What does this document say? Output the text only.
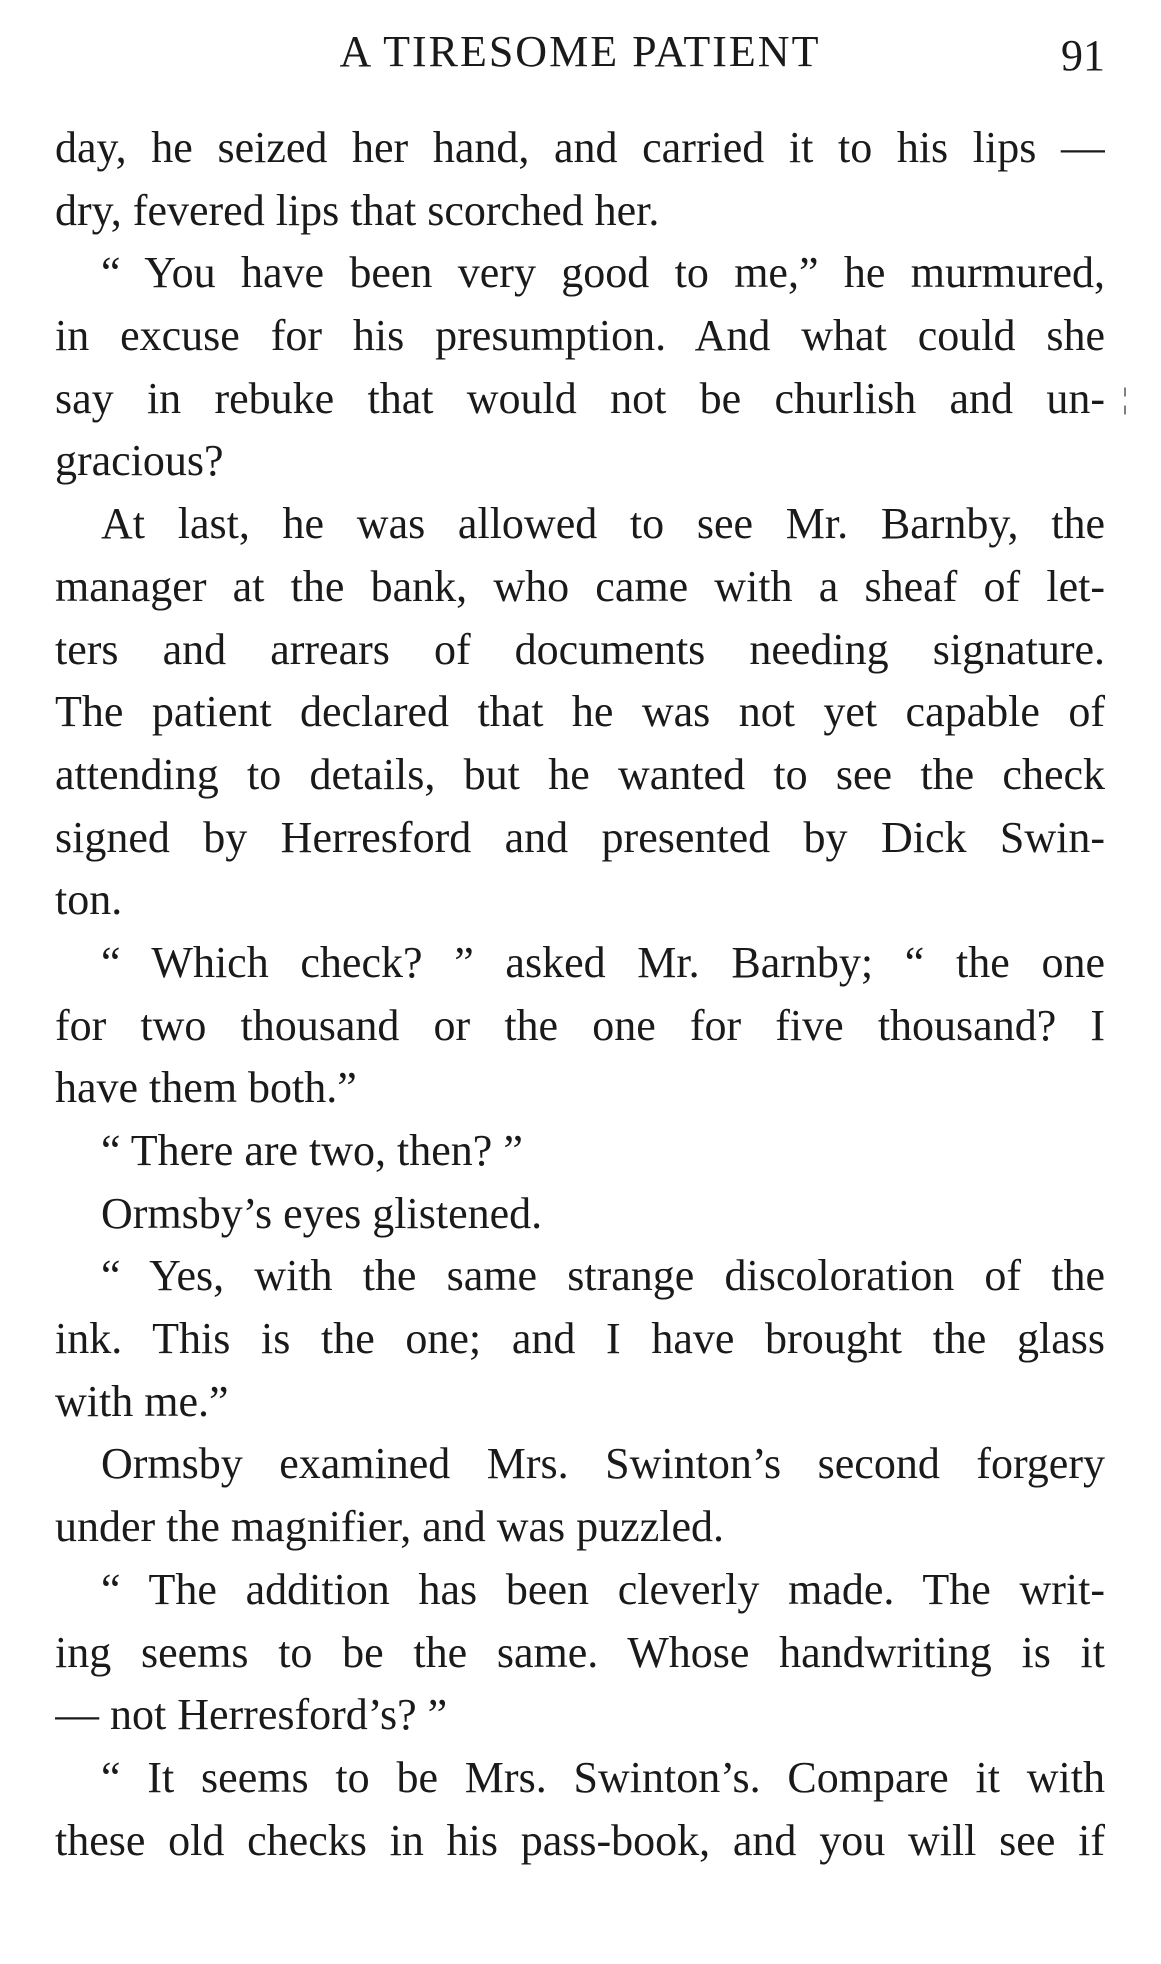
A TIRESOME PATIENT	91
day, he seized her hand, and carried it to his lips —
dry, fevered lips that scorched her.
“ You have been very good to me,” he murmured,
in excuse for his presumption. And what could she
say in rebuke that would not be churlish and un-
gracious?
At last, he was allowed to see Mr. Barnby, the
manager at the bank, who came with a sheaf of let-
ters and arrears of documents needing signature.
The patient declared that he was not yet capable of
attending to details, but he wanted to see the check
signed by Herresford and presented by Dick Swin-
ton.
“ Which check? ” asked Mr. Barnby; “ the one
for two thousand or the one for five thousand? I
have them both.”
“ There are two, then? ”
Ormsby’s eyes glistened.
“ Yes, with the same strange discoloration of the
ink. This is the one; and I have brought the glass
with me.”
Ormsby examined Mrs. Swinton’s second forgery
under the magnifier, and was puzzled.
“ The addition has been cleverly made. The writ-
ing seems to be the same. Whose handwriting is it
— not Herresford’s? ”
“ It seems to be Mrs. Swinton’s. Compare it with
these old checks in his pass-book, and you will see if
¦
